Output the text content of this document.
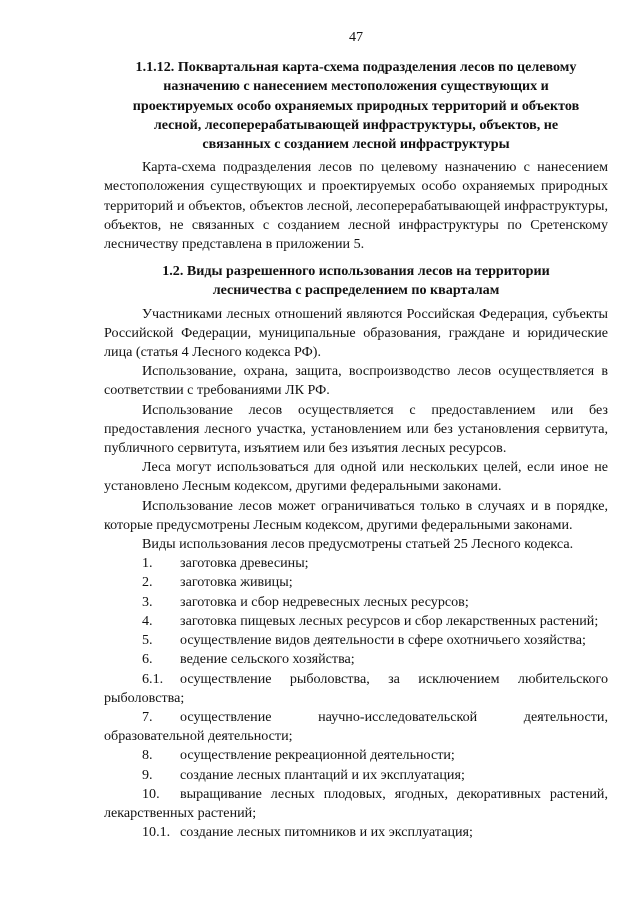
47
1.1.12. Поквартальная карта-схема подразделения лесов по целевому
назначению с нанесением местоположения существующих и
проектируемых особо охраняемых природных территорий и объектов
лесной, лесоперерабатывающей инфраструктуры, объектов, не
связанных с созданием лесной инфраструктуры

Карта-схема подразделения лесов по целевому назначению с нанесением местоположения существующих и проектируемых особо охраняемых природных территорий и объектов, объектов лесной, лесоперерабатывающей инфраструктуры, объектов, не связанных с созданием лесной инфраструктуры по Сретенскому лесничеству представлена в приложении 5.

1.2. Виды разрешенного использования лесов на территории
лесничества с распределением по кварталам

Участниками лесных отношений являются Российская Федерация, субъекты Российской Федерации, муниципальные образования, граждане и юридические лица (статья 4 Лесного кодекса РФ).

Использование, охрана, защита, воспроизводство лесов осуществляется в соответствии с требованиями ЛК РФ.

Использование лесов осуществляется с предоставлением или без предоставления лесного участка, установлением или без установления сервитута, публичного сервитута, изъятием или без изъятия лесных ресурсов.

Леса могут использоваться для одной или нескольких целей, если иное не установлено Лесным кодексом, другими федеральными законами.

Использование лесов может ограничиваться только в случаях и в порядке, которые предусмотрены Лесным кодексом, другими федеральными законами.

Виды использования лесов предусмотрены статьей 25 Лесного кодекса.

1. заготовка древесины;
2. заготовка живицы;
3. заготовка и сбор недревесных лесных ресурсов;
4. заготовка пищевых лесных ресурсов и сбор лекарственных растений;
5. осуществление видов деятельности в сфере охотничьего хозяйства;
6. ведение сельского хозяйства;
6.1. осуществление рыболовства, за исключением любительского рыболовства;
7. осуществление научно-исследовательской деятельности, образовательной деятельности;
8. осуществление рекреационной деятельности;
9. создание лесных плантаций и их эксплуатация;
10. выращивание лесных плодовых, ягодных, декоративных растений, лекарственных растений;
10.1. создание лесных питомников и их эксплуатация;
